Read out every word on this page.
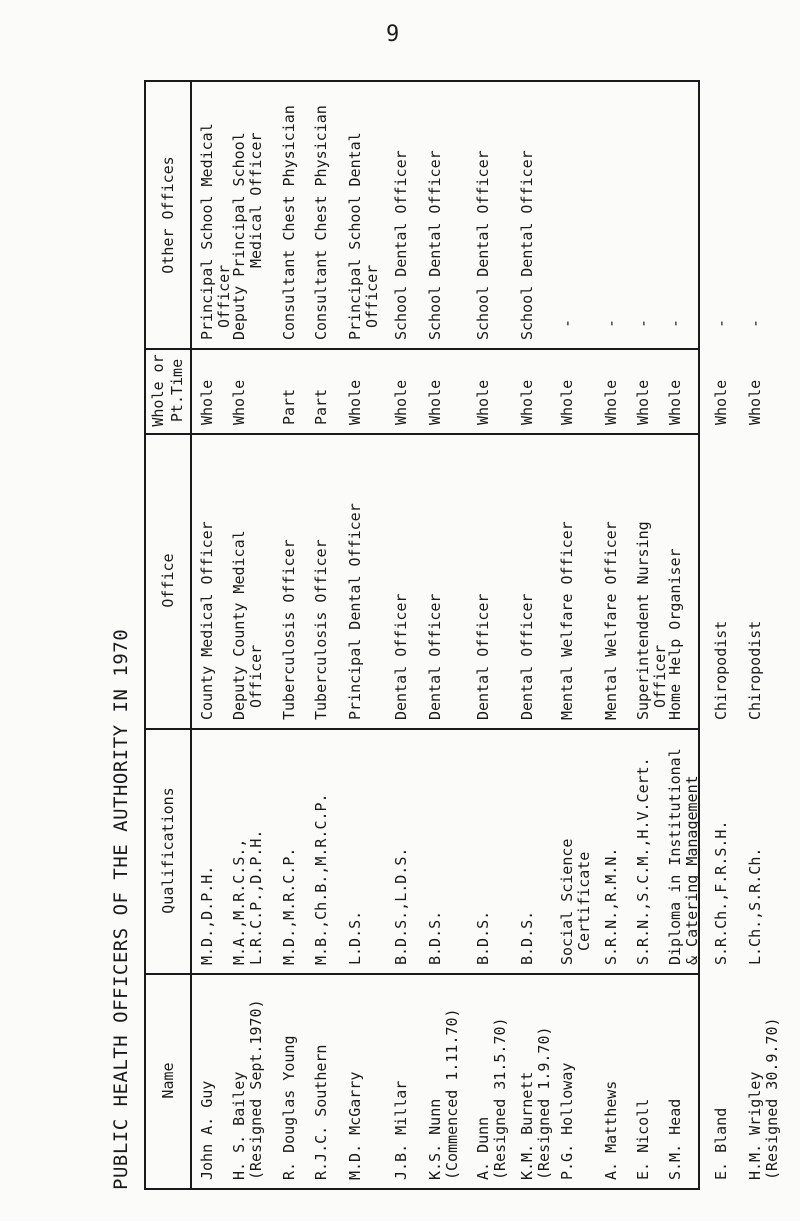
9
PUBLIC HEALTH OFFICERS OF THE AUTHORITY IN 1970	Name
Qualifications
Office
Whole or Pt.Time
Other Offices
John A. Guy
M.D.,D.P.H.
County Medical Officer
Whole
Principal School Medical Officer
H. S. Bailey (Resigned Sept.1970)
M.A.,M.R.C.S., L.R.C.P.,D.P.H.
Deputy County Medical Officer
Whole
Deputy Principal School Medical Officer
R. Douglas Young
M.D.,M.R.C.P.
Tuberculosis Officer
Part
Consultant Chest Physician
R.J.C. Southern
M.B.,Ch.B.,M.R.C.P.
Tuberculosis Officer
Part
Consultant Chest Physician
M.D. McGarry
L.D.S.
Principal Dental Officer
Whole
Principal School Dental Officer
J.B. Millar
B.D.S.,L.D.S.
Dental Officer
Whole
School Dental Officer
K.S. Nunn (Commenced 1.11.70)
B.D.S.
Dental Officer
Whole
School Dental Officer
A. Dunn (Resigned 31.5.70)
B.D.S.
Dental Officer
Whole
School Dental Officer
K.M. Burnett (Resigned 1.9.70)
B.D.S.
Dental Officer
Whole
School Dental Officer
P.G. Holloway
Social Science Certificate
Mental Welfare Officer
Whole
-
A. Matthews
S.R.N.,R.M.N.
Mental Welfare Officer
Whole
-
E. Nicoll
S.R.N.,S.C.M.,H.V.Cert.
Superintendent Nursing Officer
Whole
-
S.M. Head
Diploma in Institutional & Catering Management
Home Help Organiser
Whole
-
E. Bland
S.R.Ch.,F.R.S.H.
Chiropodist
Whole
-
H.M. Wrigley (Resigned 30.9.70)
L.Ch.,S.R.Ch.
Chiropodist
Whole
-
